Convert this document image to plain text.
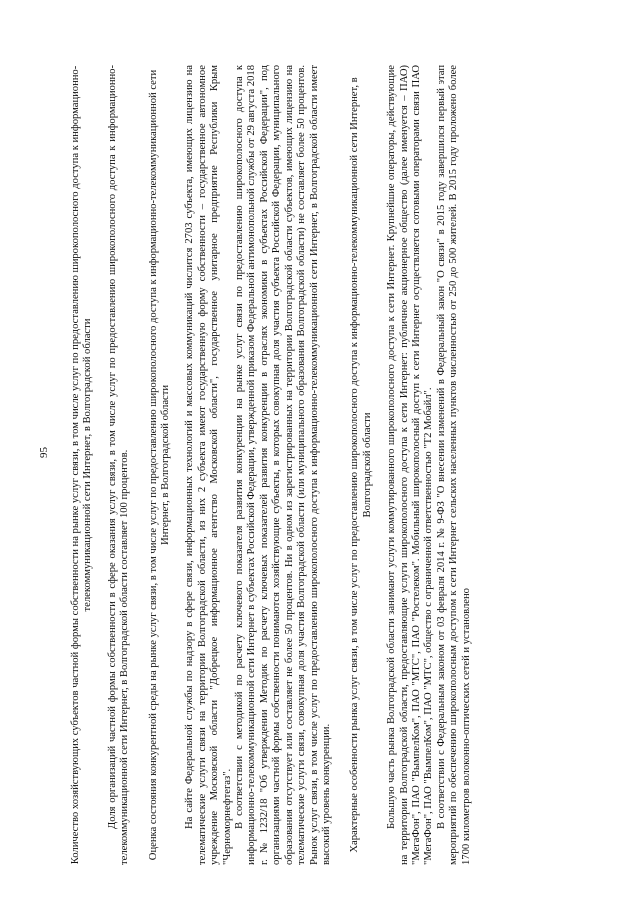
95 Количество хозяйствующих субъектов частной формы собственности на рынке услуг связи, в том числе услуг по предоставлению широкополосного доступа к информационно-телекоммуникационной сети Интернет, в Волгоградской области Доля организаций частной формы собственности в сфере оказания услуг связи, в том числе услуг по предоставлению широкополосного доступа к информационно-телекоммуникационной сети Интернет, в Волгоградской области составляет 100 процентов. Оценка состояния конкурентной среды на рынке услуг связи, в том числе услуг по предоставлению широкополосного доступа к информационно-телекоммуникационной сети Интернет, в Волгоградской области На сайте Федеральной службы по надзору в сфере связи, информационных технологий и массовых коммуникаций числится 2703 субъекта, имеющих лицензию на телематические услуги связи на территории Волгоградской области, из них 2 субъекта имеют государственную форму собственности – государственное автономное учреждение Московской области "Добрецкое информационное агентство Московской области", государственное унитарное предприятие Республики Крым "Черноморнефтегаз". В соответствии с методикой по расчету ключевого показателя развития конкуренции на рынке услуг связи по предоставлению широкополосного доступа к информационно-телекоммуникационной сети Интернет в субъектах Российской Федерации, утвержденной приказом Федеральной антимонопольной службы от 29 августа 2018 г. № 1232/18 "Об утверждении Методик по расчету ключевых показателей развития конкуренции в отраслях экономики в субъектах Российской Федерации", под организациями частной формы собственности понимаются хозяйствующие субъекты, в которых совокупная доля участия субъекта Российской Федерации, муниципального образования отсутствует или составляет не более 50 процентов. Ни в одном из зарегистрированных на территории Волгоградской области субъектов, имеющих лицензию на телематические услуги связи, совокупная доля участия Волгоградской области (или муниципального образования Волгоградской области) не составляет более 50 процентов. Рынок услуг связи, в том числе услуг по предоставлению широкополосного доступа к информационно-телекоммуникационной сети Интернет, в Волгоградской области имеет высокий уровень конкуренции. Характерные особенности рынка услуг связи, в том числе услуг по предоставлению широкополосного доступа к информационно-телекоммуникационной сети Интернет, в Волгоградской области Большую часть рынка Волгоградской области занимают услуги коммутированного широкополосного доступа к сети Интернет. Крупнейшие операторы, действующие на территории Волгоградской области, предоставляющие услуги широкополосного доступа к сети Интернет: публичное акционерное общество (далее именуется – ПАО) "МегаФон", ПАО "ВымпелКом", ПАО "МТС", ПАО "Ростелеком". Мобильный широкополосный доступ к сети Интернет осуществляется сотовыми операторами связи ПАО "МегаФон", ПАО "ВымпелКом", ПАО "МТС", общество с ограниченной ответственностью "Т2 Мобайл". В соответствии с Федеральным законом от 03 февраля 2014 г. № 9-ФЗ "О внесении изменений в Федеральный закон "О связи" в 2015 году завершился первый этап мероприятий по обеспечению широкополосным доступом к сети Интернет сельских населенных пунктов численностью от 250 до 500 жителей. В 2015 году проложено более 1700 километров волоконно-оптических сетей и установлено
